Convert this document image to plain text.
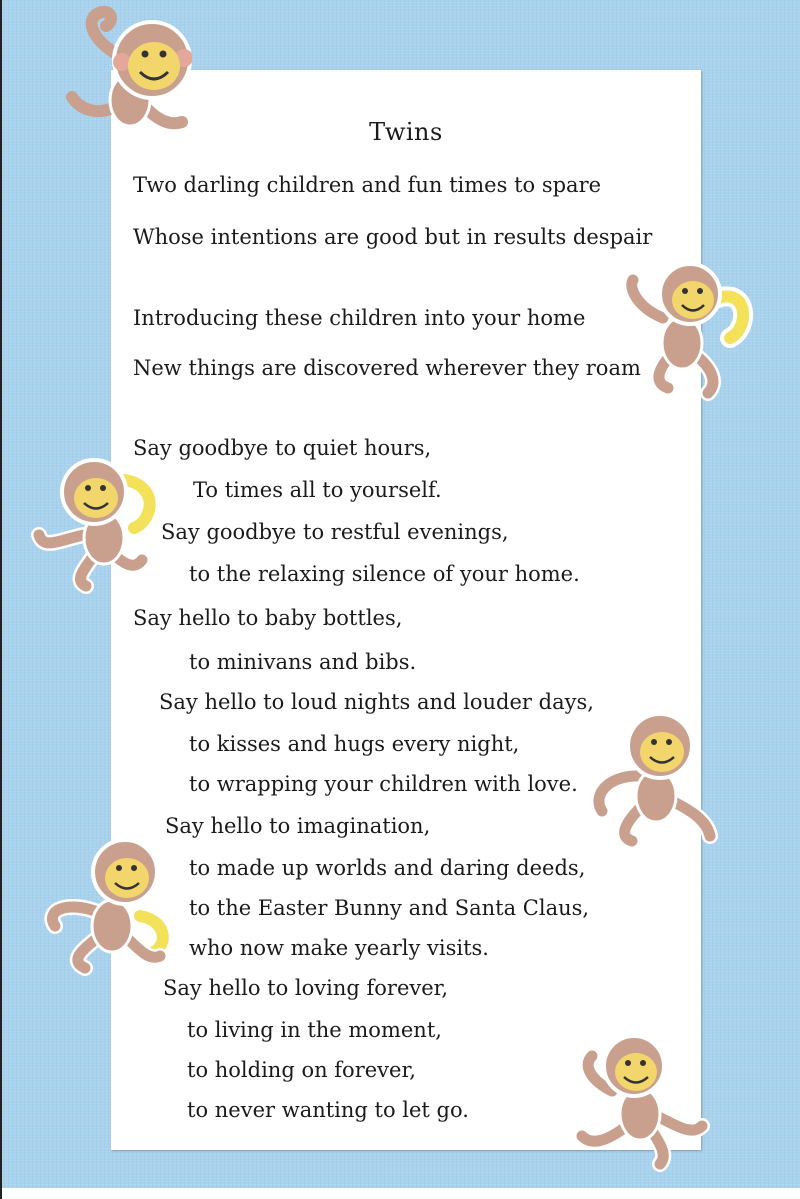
Twins
Two darling children and fun times to spare
Whose intentions are good but in results despair
Introducing these children into your home
New things are discovered wherever they roam
Say goodbye to quiet hours,
To times all to yourself.
Say goodbye to restful evenings,
to the relaxing silence of your home.
Say hello to baby bottles,
to minivans and bibs.
Say hello to loud nights and louder days,
to kisses and hugs every night,
to wrapping your children with love.
Say hello to imagination,
to made up worlds and daring deeds,
to the Easter Bunny and Santa Claus,
who now make yearly visits.
Say hello to loving forever,
to living in the moment,
to holding on forever,
to never wanting to let go.
